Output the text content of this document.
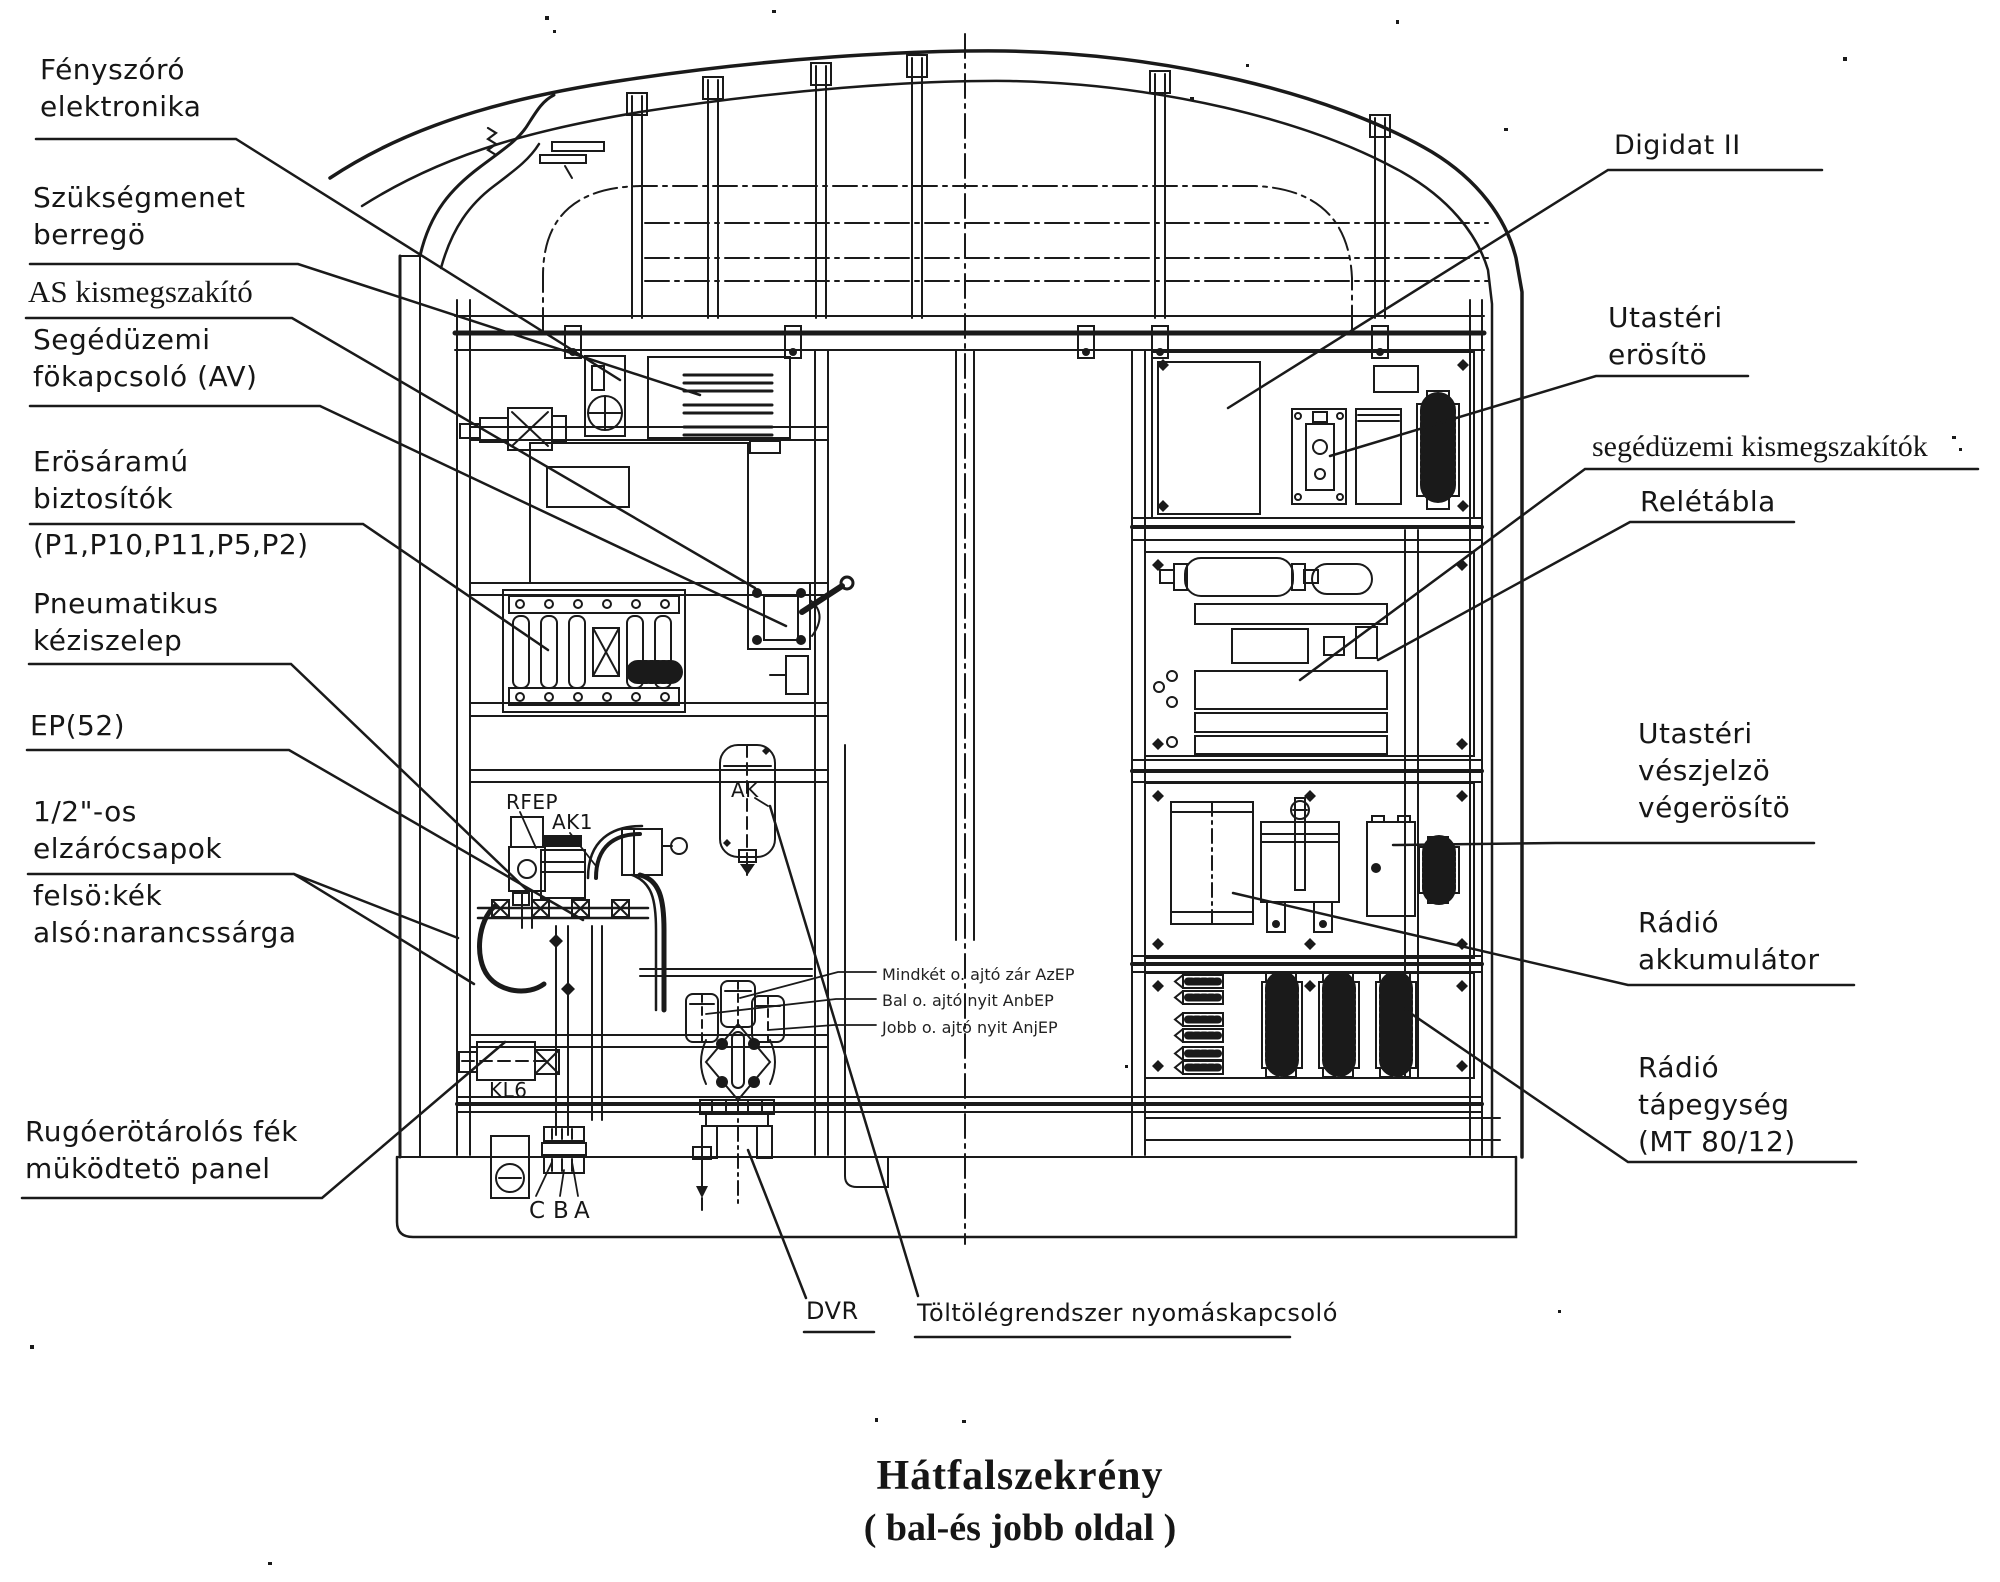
Fényszóró
elektronika
Szükségmenet
berregö
AS kismegszakító
Segédüzemi
fökapcsoló (AV)
Erösáramú
biztosítók
(P1,P10,P11,P5,P2)
Pneumatikus
kéziszelep
EP(52)
1/2"-os
elzárócsapok
felsö:kék
alsó:narancssárga
Rugóerötárolós fék
müködtetö panel
DVR Töltölégrendszer nyomáskapcsoló
Digidat II
Utastéri
erösítö
segédüzemi kismegszakítók
Relétábla
Utastéri
vészjelzö
végerösítö
Rádió
akkumulátor
Rádió
tápegység
(MT 80/12)
RFEP
AK1
AK
KL6
C B A
Mindkét o. ajtó zár AzEP
Bal o. ajtó nyit AnbEP
Jobb o. ajtó nyit AnjEP
Hátfalszekrény
( bal-és jobb oldal )
